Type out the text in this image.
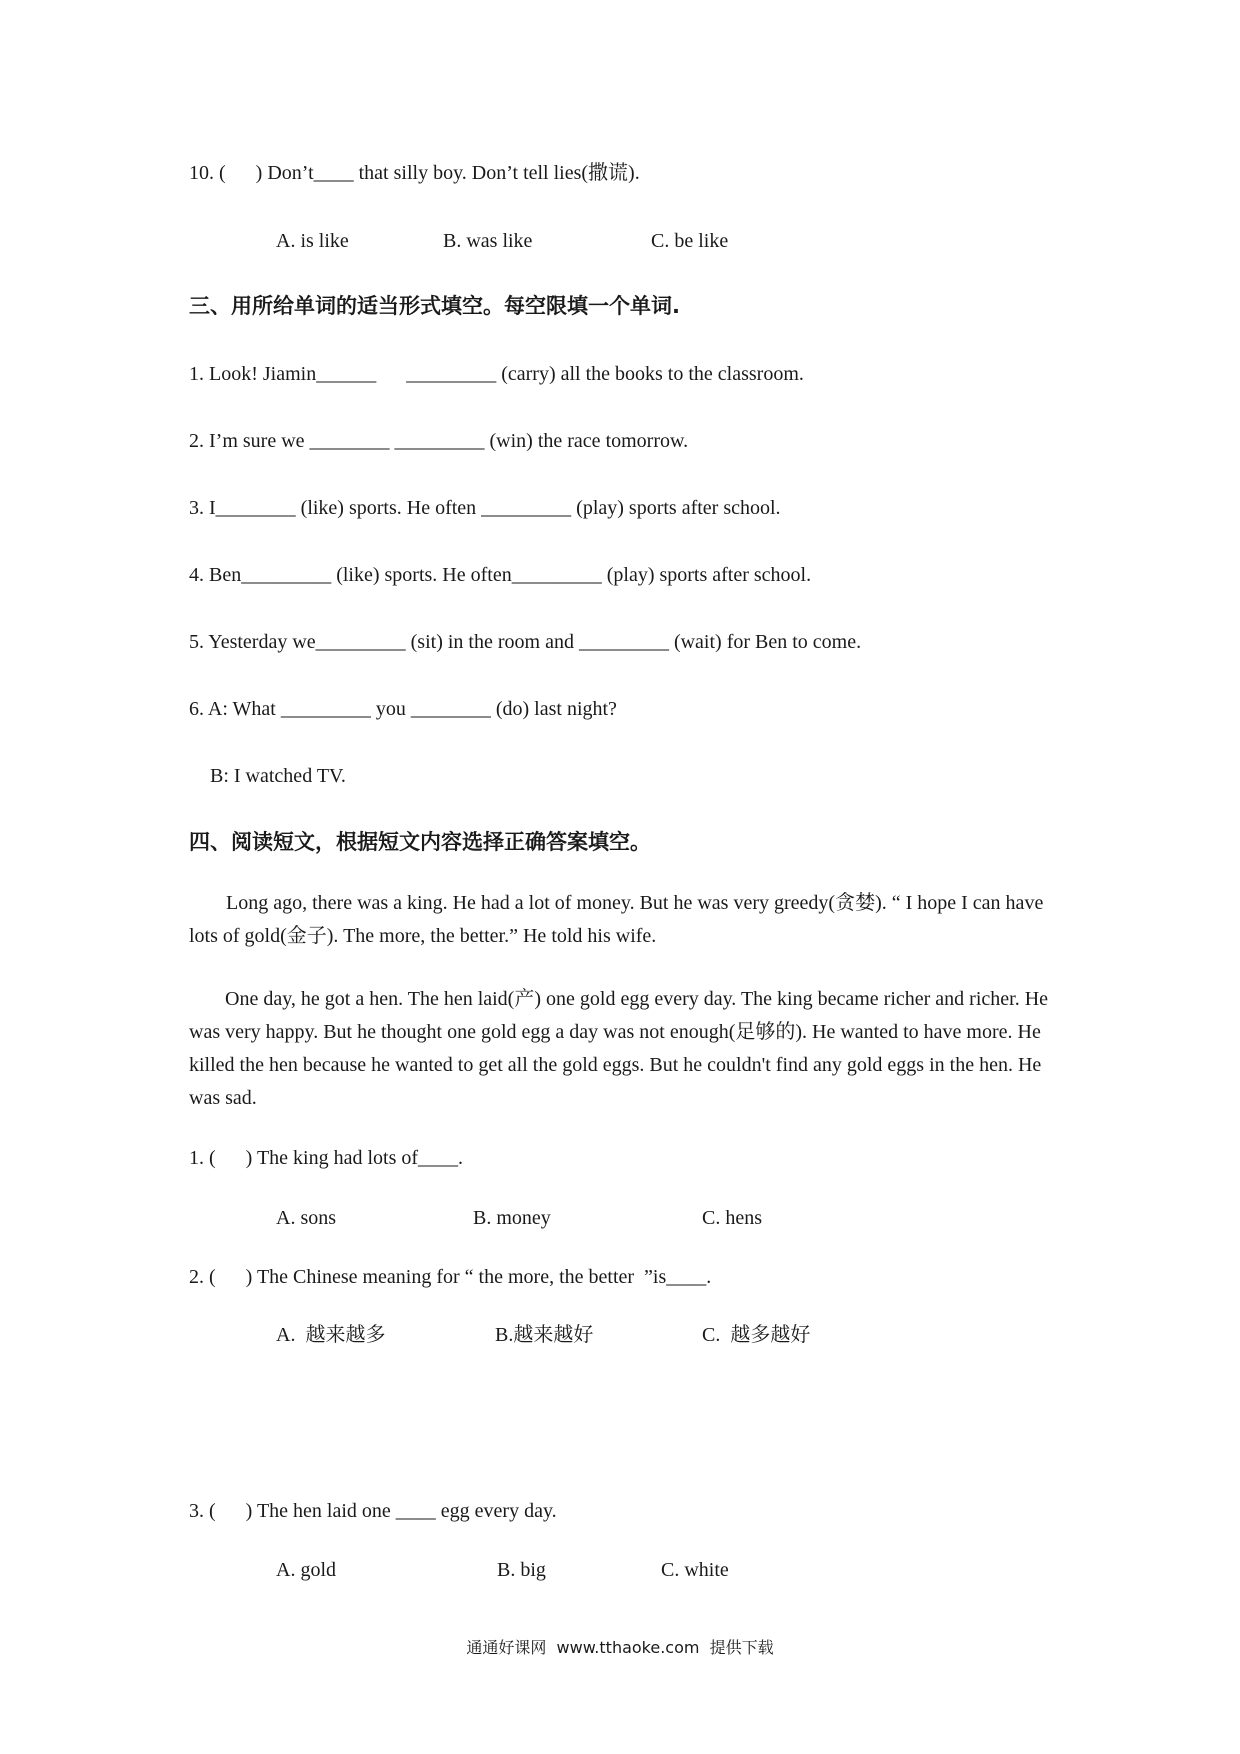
10. (      ) Don’t____ that silly boy. Don’t tell lies(撒谎).
A. is like	B. was like	C. be like
三、用所给单词的适当形式填空。每空限填一个单词.
1. Look! Jiamin______      _________ (carry) all the books to the classroom.
2. I’m sure we ________ _________ (win) the race tomorrow.
3. I________ (like) sports. He often _________ (play) sports after school.
4. Ben_________ (like) sports. He often_________ (play) sports after school.
5. Yesterday we_________ (sit) in the room and _________ (wait) for Ben to come.
6. A: What _________ you ________ (do) last night?
B: I watched TV.
四、阅读短文，根据短文内容选择正确答案填空。
Long ago, there was a king. He had a lot of money. But he was very greedy(贪婪). “ I hope I can have lots of gold(金子). The more, the better.” He told his wife.
One day, he got a hen. The hen laid(产) one gold egg every day. The king became richer and richer. He was very happy. But he thought one gold egg a day was not enough(足够的). He wanted to have more. He killed the hen because he wanted to get all the gold eggs. But he couldn't find any gold eggs in the hen. He was sad.
1. (      ) The king had lots of____.
A. sons	B. money	C. hens
2. (      ) The Chinese meaning for “ the more, the better  ”is____.
A.  越来越多	B.越来越好	C.  越多越好
3. (      ) The hen laid one ____ egg every day.
A. gold	B. big	C. white
通通好课网  www.tthaoke.com  提供下载
